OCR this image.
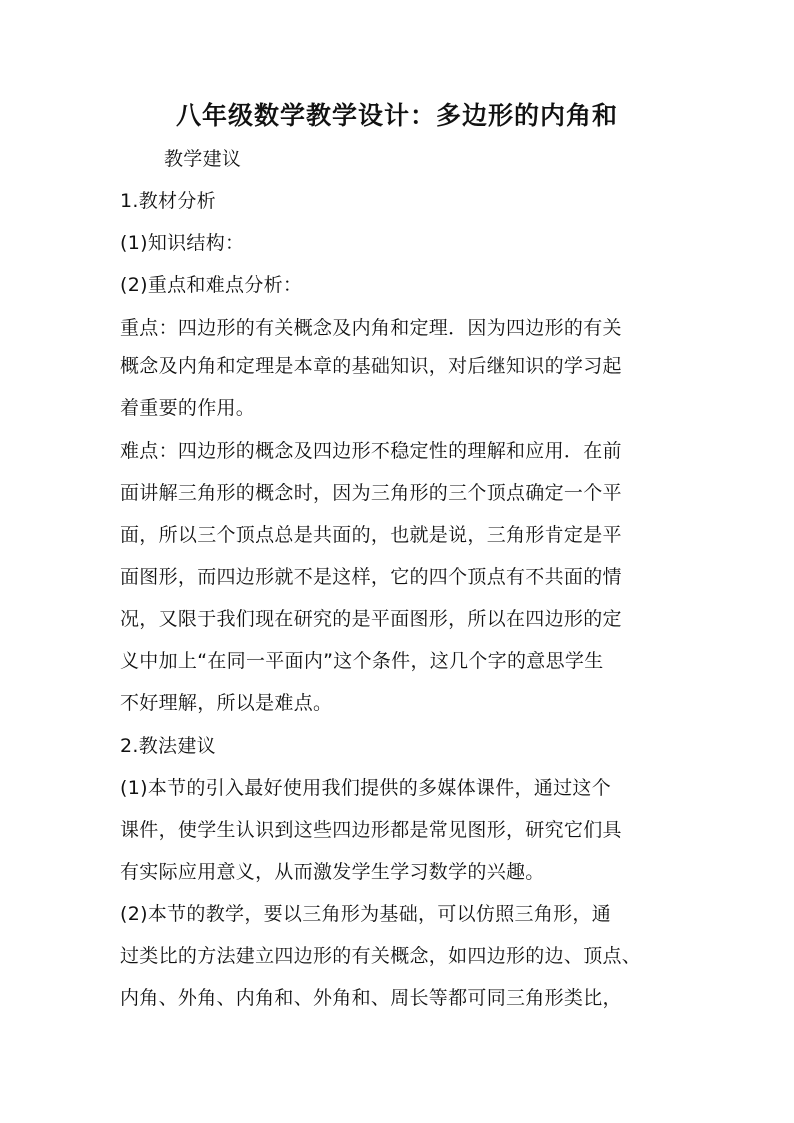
八年级数学教学设计：多边形的内角和
教学建议
1.教材分析
(1)知识结构：
(2)重点和难点分析：
重点：四边形的有关概念及内角和定理．因为四边形的有关
概念及内角和定理是本章的基础知识，对后继知识的学习起
着重要的作用。
难点：四边形的概念及四边形不稳定性的理解和应用．在前
面讲解三角形的概念时，因为三角形的三个顶点确定一个平
面，所以三个顶点总是共面的，也就是说，三角形肯定是平
面图形，而四边形就不是这样，它的四个顶点有不共面的情
况，又限于我们现在研究的是平面图形，所以在四边形的定
义中加上“在同一平面内”这个条件，这几个字的意思学生
不好理解，所以是难点。
2.教法建议
(1)本节的引入最好使用我们提供的多媒体课件，通过这个
课件，使学生认识到这些四边形都是常见图形，研究它们具
有实际应用意义，从而激发学生学习数学的兴趣。
(2)本节的教学，要以三角形为基础，可以仿照三角形，通
过类比的方法建立四边形的有关概念，如四边形的边、顶点、
内角、外角、内角和、外角和、周长等都可同三角形类比，
